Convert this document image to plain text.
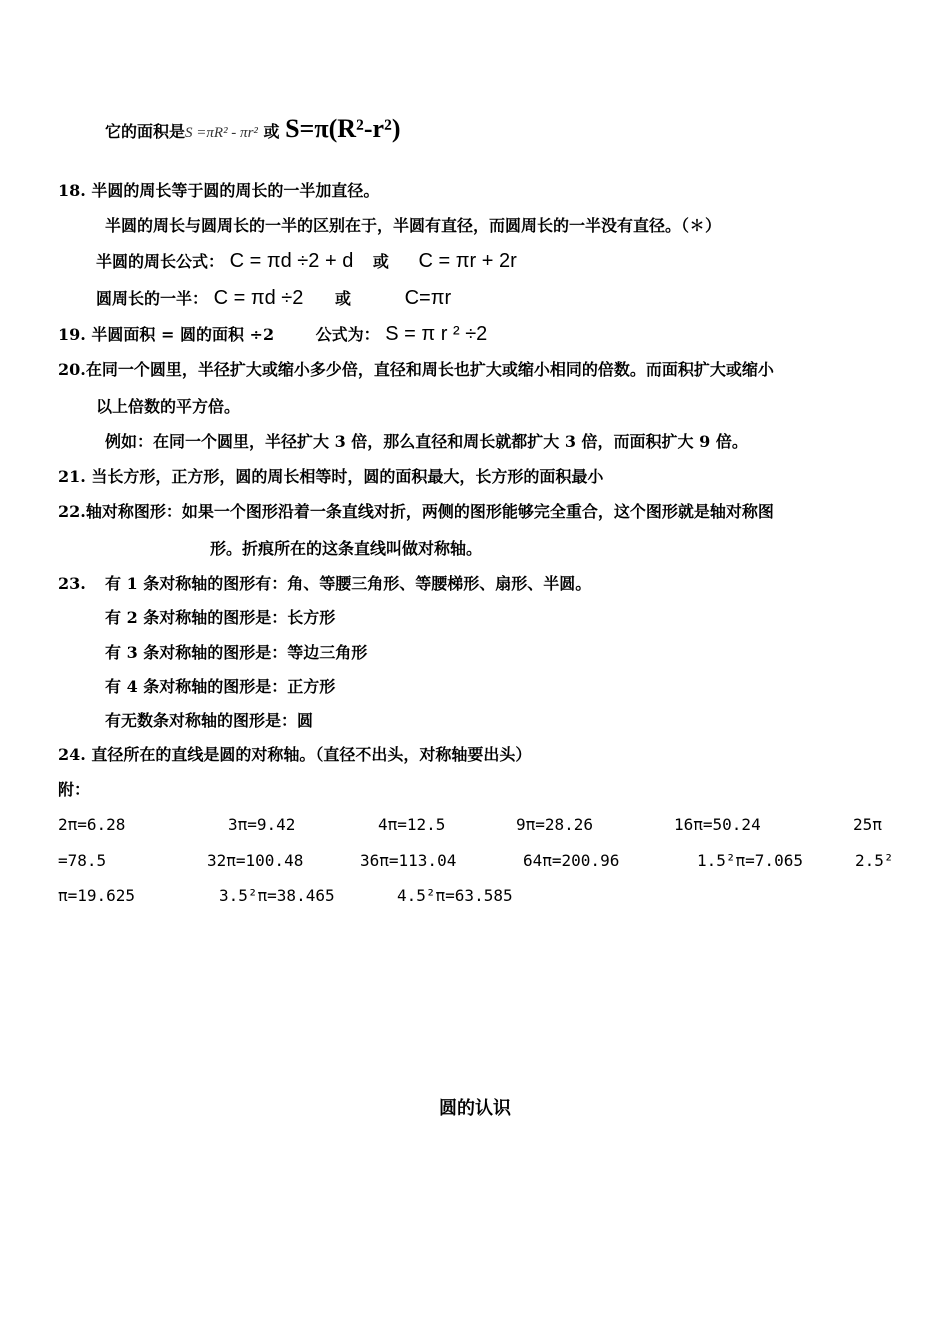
它的面积是S =πR² - πr² 或 S=π(R²-r²)
18. 半圆的周长等于圆的周长的一半加直径。
半圆的周长与圆周长的一半的区别在于，半圆有直径，而圆周长的一半没有直径。（✽）
半圆的周长公式： C = πd ÷2 + d 或 C = πr + 2r
圆周长的一半： C = πd ÷2 或	C=πr
19. 半圆面积 = 圆的面积 ÷2	公式为： S = π r ² ÷2
20.在同一个圆里，半径扩大或缩小多少倍，直径和周长也扩大或缩小相同的倍数。而面积扩大或缩小
以上倍数的平方倍。
例如：在同一个圆里，半径扩大 3 倍，那么直径和周长就都扩大 3 倍，而面积扩大 9 倍。
21. 当长方形，正方形，圆的周长相等时，圆的面积最大，长方形的面积最小
22.轴对称图形：如果一个图形沿着一条直线对折，两侧的图形能够完全重合，这个图形就是轴对称图
形。折痕所在的这条直线叫做对称轴。
23. 有 1 条对称轴的图形有：角、等腰三角形、等腰梯形、扇形、半圆。
有 2 条对称轴的图形是：长方形
有 3 条对称轴的图形是：等边三角形
有 4 条对称轴的图形是：正方形
有无数条对称轴的图形是：圆
24. 直径所在的直线是圆的对称轴。（直径不出头，对称轴要出头）
附：
2π=6.28	3π=9.42	4π=12.5	9π=28.26	16π=50.24	25π
=78.5	32π=100.48	36π=113.04	64π=200.96	1.5²π=7.065	2.5²
π=19.625	3.5²π=38.465	4.5²π=63.585
圆的认识
